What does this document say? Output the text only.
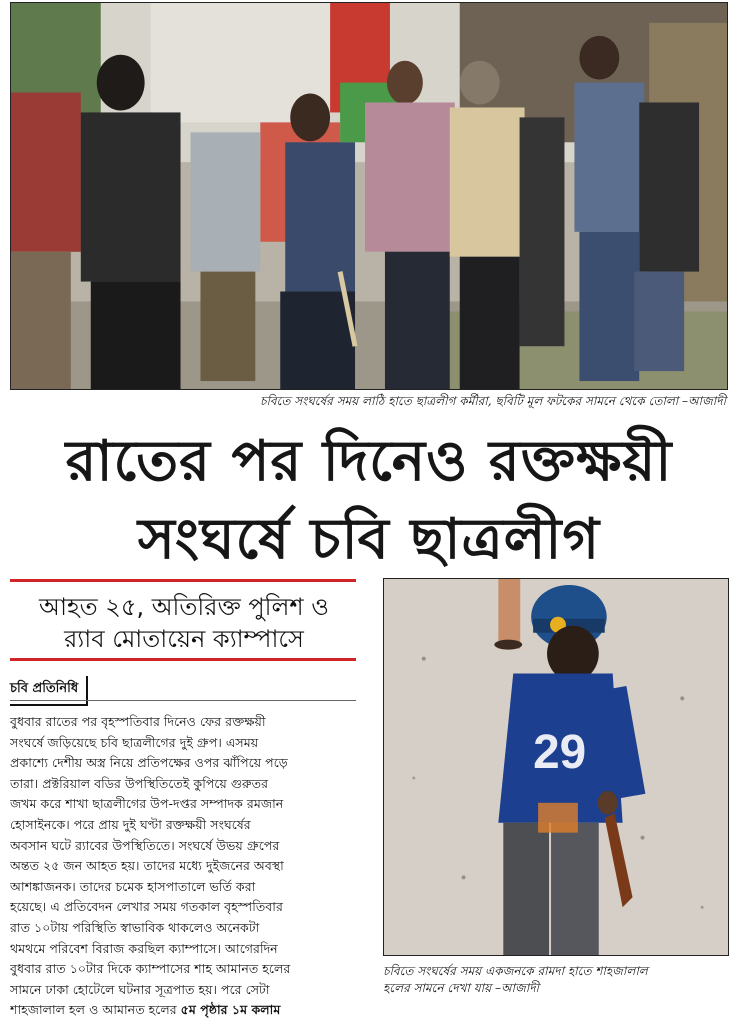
চবিতে সংঘর্ষের সময় লাঠি হাতে ছাত্রলীগ কর্মীরা, ছবিটি মূল ফটকের সামনে থেকে তোলা –আজাদী
রাতের পর দিনেও রক্তক্ষয়ী
সংঘর্ষে চবি ছাত্রলীগ
আহত ২৫, অতিরিক্ত পুলিশ ও
র‌্যাব মোতায়েন ক্যাম্পাসে
চবি প্রতিনিধি

বুধবার রাতের পর বৃহস্পতিবার দিনেও ফের রক্তক্ষয়ী

সংঘর্ষে জড়িয়েছে চবি ছাত্রলীগের দুই গ্রুপ। এসময়

প্রকাশ্যে দেশীয় অস্ত্র নিয়ে প্রতিপক্ষের ওপর ঝাঁপিয়ে পড়ে

তারা। প্রক্টরিয়াল বডির উপস্থিতিতেই কুপিয়ে গুরুতর

জখম করে শাখা ছাত্রলীগের উপ-দপ্তর সম্পাদক রমজান

হোসাইনকে। পরে প্রায় দুই ঘণ্টা রক্তক্ষয়ী সংঘর্ষের

অবসান ঘটে র‌্যাবের উপস্থিতিতে। সংঘর্ষে উভয় গ্রুপের

অন্তত ২৫ জন আহত হয়। তাদের মধ্যে দুইজনের অবস্থা

আশঙ্কাজনক। তাদের চমেক হাসপাতালে ভর্তি করা

হয়েছে। এ প্রতিবেদন লেখার সময় গতকাল বৃহস্পতিবার

রাত ১০টায় পরিস্থিতি স্বাভাবিক থাকলেও অনেকটা

থমথমে পরিবেশ বিরাজ করছিল ক্যাম্পাসে। আগেরদিন

বুধবার রাত ১০টার দিকে ক্যাম্পাসের শাহ আমানত হলের

সামনে ঢাকা হোটেলে ঘটনার সূত্রপাত হয়। পরে সেটা

শাহজালাল হল ও আমানত হলের ৫ম পৃষ্ঠার ১ম কলাম

29
চবিতে সংঘর্ষের সময় একজনকে রামদা হাতে শাহজালাল
হলের সামনে দেখা যায় –আজাদী
